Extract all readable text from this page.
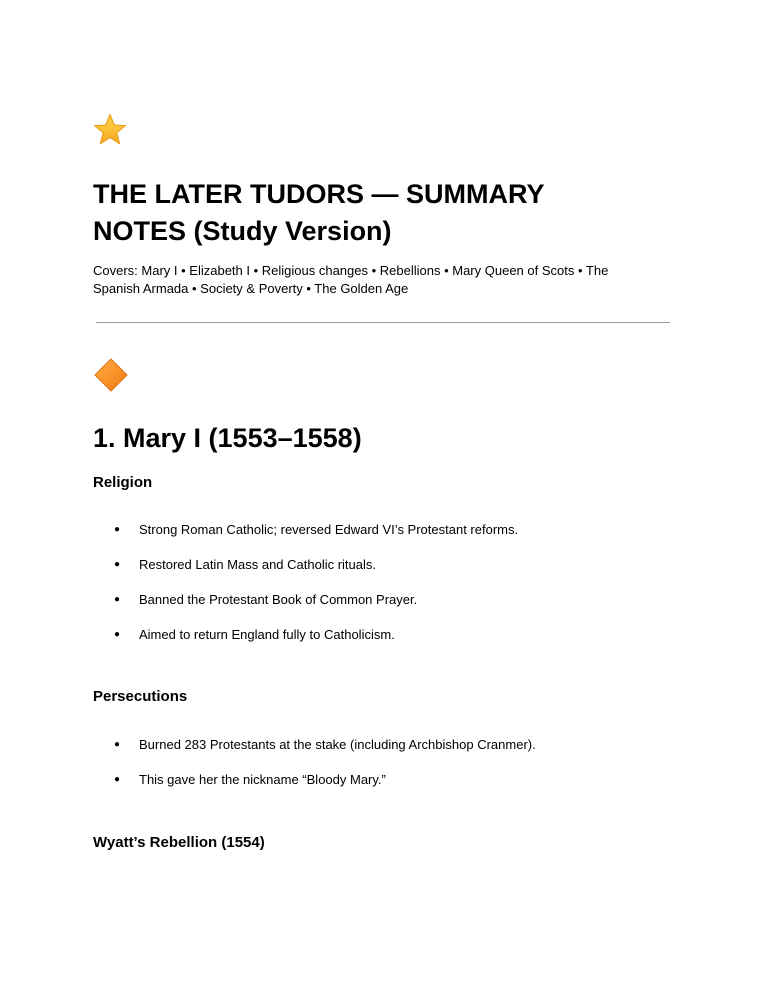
THE LATER TUDORS — SUMMARY
NOTES (Study Version)

Covers: Mary I • Elizabeth I • Religious changes • Rebellions • Mary Queen of Scots • The
Spanish Armada • Society & Poverty • The Golden Age

1. Mary I (1553–1558)
Religion
● Strong Roman Catholic; reversed Edward VI’s Protestant reforms.
● Restored Latin Mass and Catholic rituals.
● Banned the Protestant Book of Common Prayer.
● Aimed to return England fully to Catholicism.
Persecutions
● Burned 283 Protestants at the stake (including Archbishop Cranmer).
● This gave her the nickname “Bloody Mary.”
Wyatt’s Rebellion (1554)
